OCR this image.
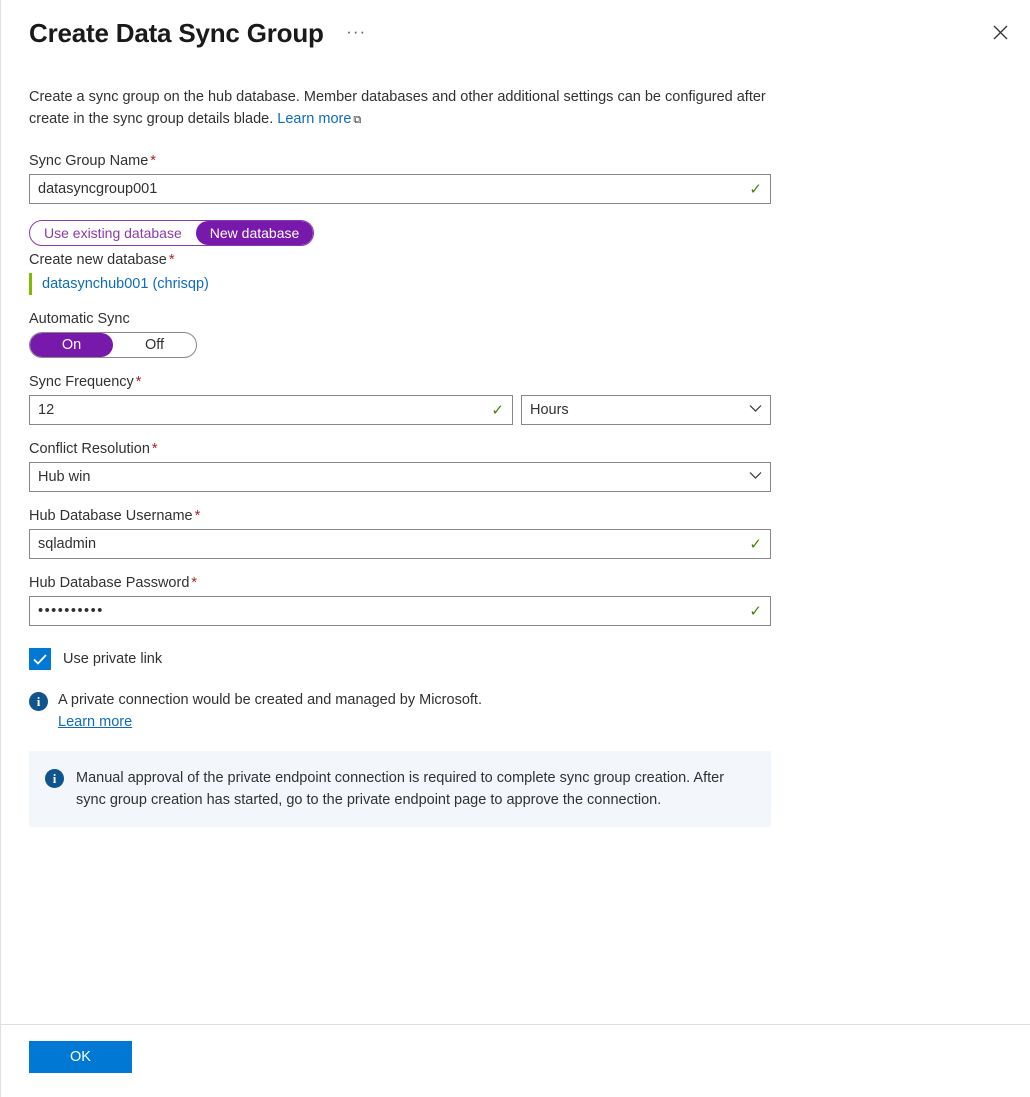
Create Data Sync Group ···
Create a sync group on the hub database. Member databases and other additional settings can be configured after create in the sync group details blade. Learn more ⧉
Sync Group Name *
datasyncgroup001
✓
Use existing database	New database
Create new database *
datasynchub001 (chrisqp)
Automatic Sync
On	Off
Sync Frequency *
12
✓ Hours
Conflict Resolution *
Hub win
Hub Database Username *
sqladmin
✓
Hub Database Password *
••••••••••	✓
Use private link
i	A private connection would be created and managed by Microsoft.
Learn more
i	Manual approval of the private endpoint connection is required to complete sync group creation. After sync group creation has started, go to the private endpoint page to approve the connection.
OK
